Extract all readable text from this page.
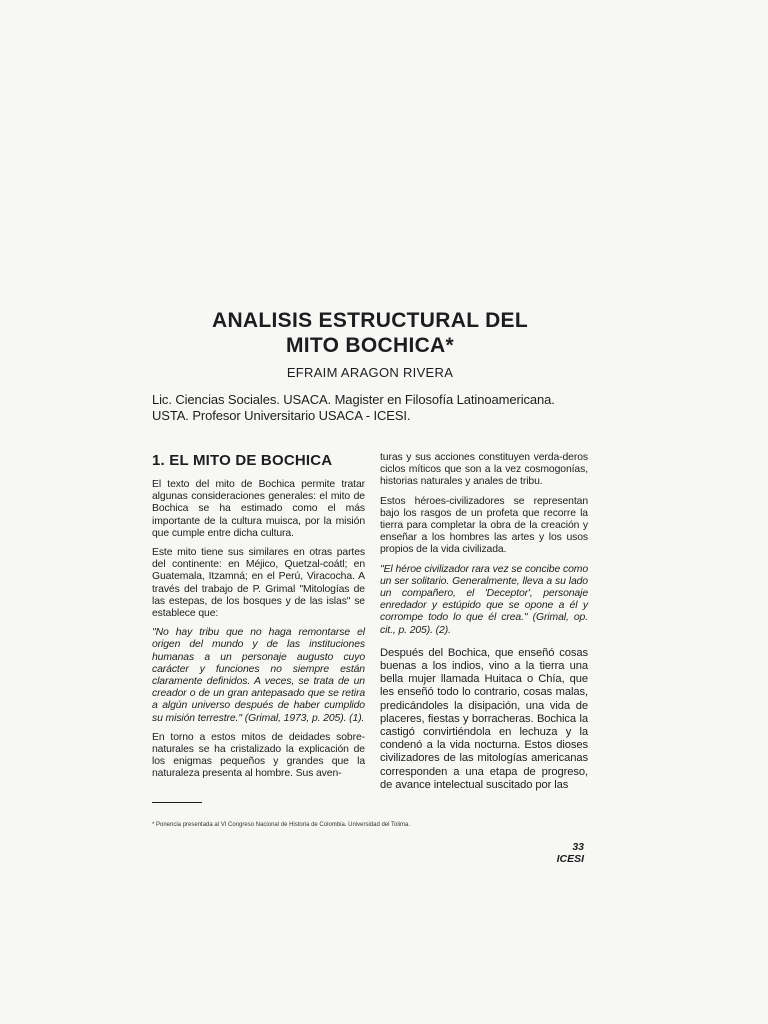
ANALISIS ESTRUCTURAL DEL
MITO BOCHICA*
EFRAIM ARAGON RIVERA
Lic. Ciencias Sociales. USACA. Magister en Filosofía Latinoamericana.
USTA. Profesor Universitario USACA - ICESI.
1. EL MITO DE BOCHICA

El texto del mito de Bochica permite tratar algunas consideraciones generales: el mito de Bochica se ha estimado como el más importante de la cultura muisca, por la misión que cumple entre dicha cultura.

Este mito tiene sus similares en otras partes del continente: en Méjico, Quetzal-coátl; en Guatemala, Itzamná; en el Perú, Viracocha. A través del trabajo de P. Grimal "Mitologías de las estepas, de los bosques y de las islas" se establece que:

"No hay tribu que no haga remontarse el origen del mundo y de las instituciones humanas a un personaje augusto cuyo carácter y funciones no siempre están claramente definidos. A veces, se trata de un creador o de un gran antepasado que se retira a algún universo después de haber cumplido su misión terrestre." (Grimal, 1973, p. 205). (1).

En torno a estos mitos de deidades sobre-naturales se ha cristalizado la explicación de los enigmas pequeños y grandes que la naturaleza presenta al hombre. Sus aven-

turas y sus acciones constituyen verda-deros ciclos míticos que son a la vez cosmogonías, historias naturales y anales de tribu.

Estos héroes-civilizadores se representan bajo los rasgos de un profeta que recorre la tierra para completar la obra de la creación y enseñar a los hombres las artes y los usos propios de la vida civilizada.

"El héroe civilizador rara vez se concibe como un ser solitario. Generalmente, lleva a su lado un compañero, el 'Deceptor', personaje enredador y estúpido que se opone a él y corrompe todo lo que él crea." (Grimal, op. cit., p. 205). (2).

Después del Bochica, que enseñó cosas buenas a los indios, vino a la tierra una bella mujer llamada Huitaca o Chía, que les enseñó todo lo contrario, cosas malas, predicándoles la disipación, una vida de placeres, fiestas y borracheras. Bochica la castigó convirtiéndola en lechuza y la condenó a la vida nocturna. Estos dioses civilizadores de las mitologías americanas corresponden a una etapa de progreso, de avance intelectual suscitado por las

* Ponencia presentada al VI Congreso Nacional de Historia de Colombia. Universidad del Tolima.
33
ICESI
